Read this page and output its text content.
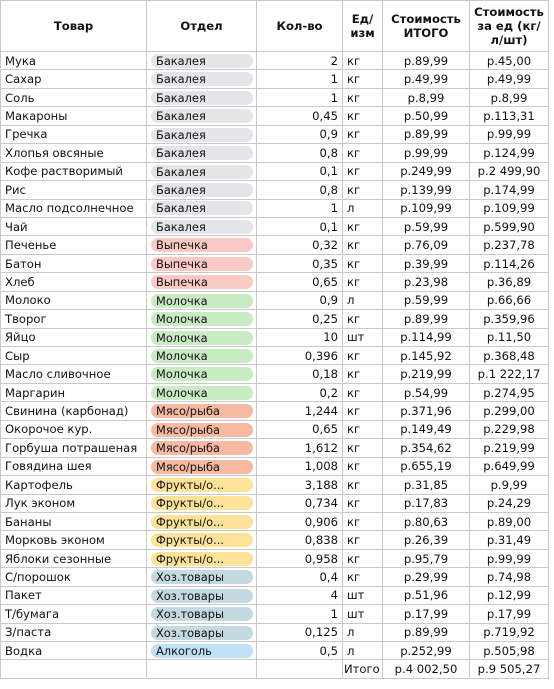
Товар	Отдел	Кол-во	Ед/ изм	Стоимость ИТОГО	Стоимость за ед (кг/л/шт)
Мука	Бакалея	2	кг	р.89,99	р.45,00
Сахар	Бакалея	1	кг	р.49,99	р.49,99
Соль	Бакалея	1	кг	р.8,99	р.8,99
Макароны	Бакалея	0,45	кг	р.50,99	р.113,31
Гречка	Бакалея	0,9	кг	р.89,99	р.99,99
Хлопья овсяные	Бакалея	0,8	кг	р.99,99	р.124,99
Кофе растворимый	Бакалея	0,1	кг	р.249,99	р.2 499,90
Рис	Бакалея	0,8	кг	р.139,99	р.174,99
Масло подсолнечное	Бакалея	1	л	р.109,99	р.109,99
Чай	Бакалея	0,1	кг	р.59,99	р.599,90
Печенье	Выпечка	0,32	кг	р.76,09	р.237,78
Батон	Выпечка	0,35	кг	р.39,99	р.114,26
Хлеб	Выпечка	0,65	кг	р.23,98	р.36,89
Молоко	Молочка	0,9	л	р.59,99	р.66,66
Творог	Молочка	0,25	кг	р.89,99	р.359,96
Яйцо	Молочка	10	шт	р.114,99	р.11,50
Сыр	Молочка	0,396	кг	р.145,92	р.368,48
Масло сливочное	Молочка	0,18	кг	р.219,99	р.1 222,17
Маргарин	Молочка	0,2	кг	р.54,99	р.274,95
Свинина (карбонад)	Мясо/рыба	1,244	кг	р.371,96	р.299,00
Окорочое кур.	Мясо/рыба	0,65	кг	р.149,49	р.229,98
Горбуша потрашеная	Мясо/рыба	1,612	кг	р.354,62	р.219,99
Говядина шея	Мясо/рыба	1,008	кг	р.655,19	р.649,99
Картофель	Фрукты/о...	3,188	кг	р.31,85	р.9,99
Лук эконом	Фрукты/о...	0,734	кг	р.17,83	р.24,29
Бананы	Фрукты/о...	0,906	кг	р.80,63	р.89,00
Морковь эконом	Фрукты/о...	0,838	кг	р.26,39	р.31,49
Яблоки сезонные	Фрукты/о...	0,958	кг	р.95,79	р.99,99
С/порошок	Хоз.товары	0,4	кг	р.29,99	р.74,98
Пакет	Хоз.товары	4	шт	р.51,96	р.12,99
Т/бумага	Хоз.товары	1	шт	р.17,99	р.17,99
З/паста	Хоз.товары	0,125	л	р.89,99	р.719,92
Водка	Алкоголь	0,5	л	р.252,99	р.505,98
			Итого	р.4 002,50	р.9 505,27
